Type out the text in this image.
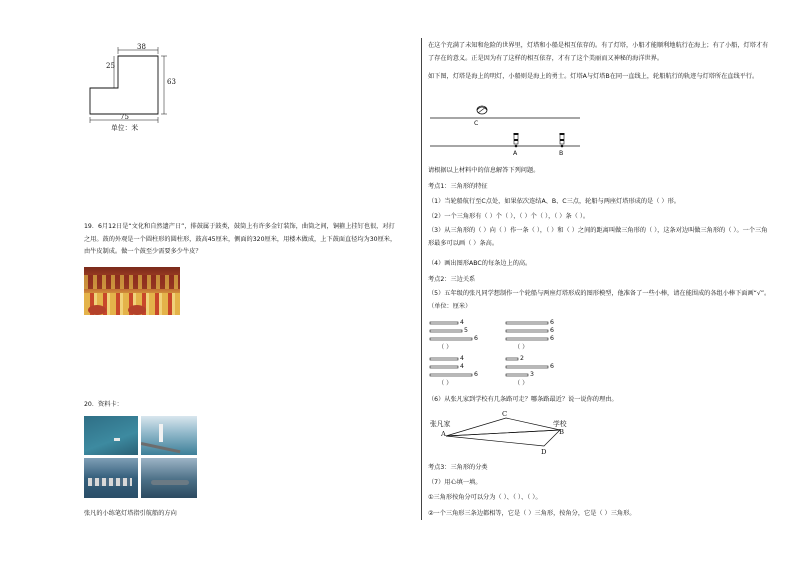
38
25
63
75
单位：米
19．6月12日是“文化和自然遗产日”，排鼓属于鼓类，鼓筒上有许多金钉装饰，曲筒之间，铜箍上挂钉也很，对打之用。鼓的外观是一个圆柱形的圆柱形，鼓高45厘米，侧面的320厘米，用楼木做成，上下鼓面直径均为30厘米，由牛皮制成。做一个鼓至少需要多少牛皮？
20．资料卡：
张凡的小练笔灯塔指引航船的方向
在这个充满了未知和危险的世界里，灯塔和小船是相互依存的。有了灯塔，小船才能顺利地航行在海上；有了小船，灯塔才有了存在的意义。正是因为有了这样的相互依存，才有了这个美丽而又神秘的海洋世界。
如下图，灯塔是海上的明灯，小船则是海上的勇士。灯塔A与灯塔B在同一直线上，轮船航行的轨迹与灯塔所在直线平行。
C
A	B
请根据以上材料中的信息解答下列问题。
考点1：三角形的特征
（1）当轮船航行至C点处，如果依次连结A、B、C三点，轮船与两座灯塔形成的是（ ）形。
（2）一个三角形有（ ）个（ ），（ ）个（ ），（ ）条（ ）。
（3）从三角形的（ ）向（ ）作一条（ ），（ ）和（ ）之间的距离叫做三角形的（ ），这条对边叫做三角形的（ ）。一个三角形最多可以画（ ）条高。
（4）画出图形ABC的每条边上的高。
考点2：三边关系
（5）五年级的张凡同学想制作一个轮船与两座灯塔形成的图形模型，他准备了一些小棒，请在能围成的各组小棒下面画“√”。（单位：厘米）
4
5
6
（ ）
6
6
6
（ ）
4
4
6
（ ）
2
6
3
（ ）
（6）从张凡家到学校有几条路可走？哪条路最近？说一说你的理由。
张凡家
A
C
学校
B
D
考点3：三角形的分类
（7）用心填一填。
①三角形按角分可以分为（ ）、（ ）、（ ）。
②一个三角形三条边都相等，它是（ ）三角形，按角分，它是（ ）三角形。
